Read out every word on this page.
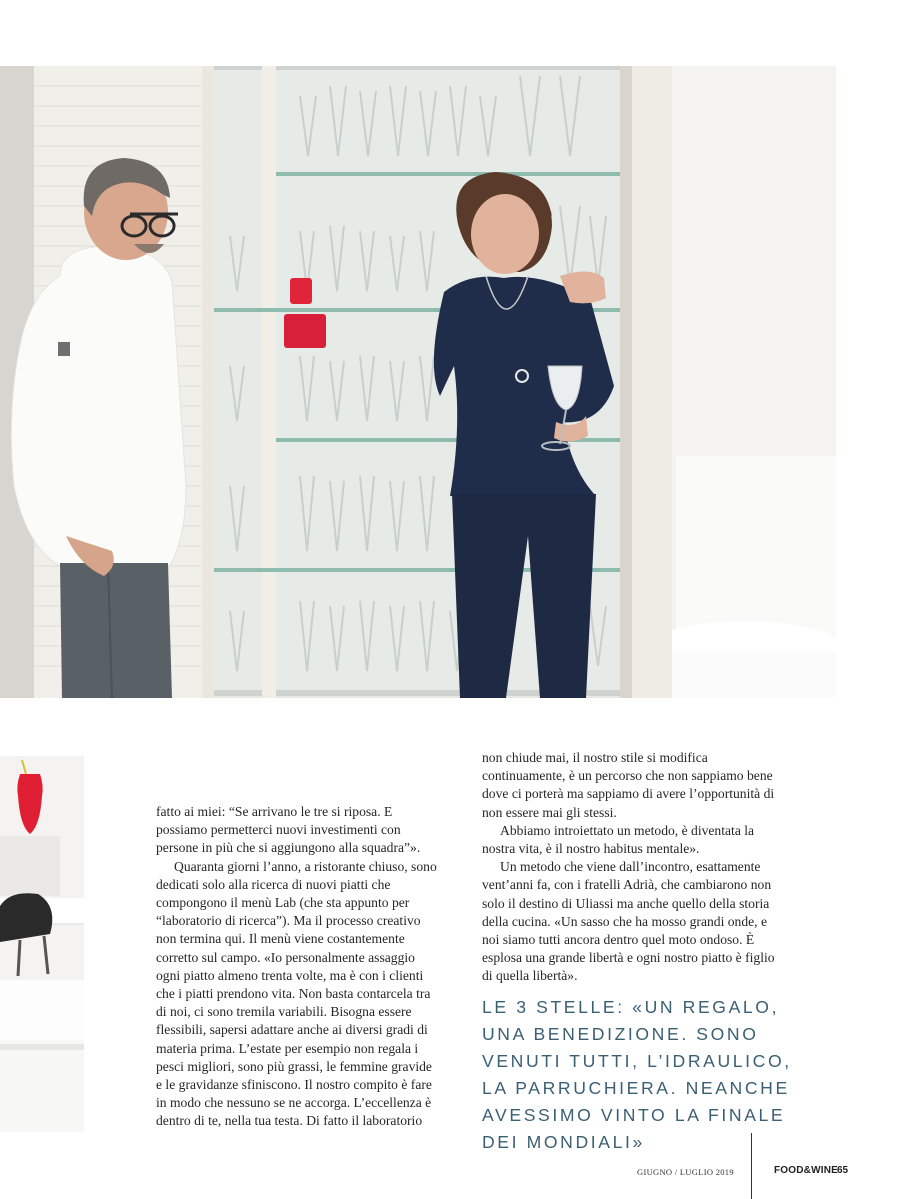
fatto ai miei: “Se arrivano le tre si riposa. E possiamo permetterci nuovi investimenti con persone in più che si aggiungono alla squadra”».

Quaranta giorni l’anno, a ristorante chiuso, sono dedicati solo alla ricerca di nuovi piatti che compongono il menù Lab (che sta appunto per “laboratorio di ricerca”). Ma il processo creativo non termina qui. Il menù viene costantemente corretto sul campo. «Io personalmente assaggio ogni piatto almeno trenta volte, ma è con i clienti che i piatti prendono vita. Non basta contarcela tra di noi, ci sono tremila variabili. Bisogna essere flessibili, sapersi adattare anche ai diversi gradi di materia prima. L’estate per esempio non regala i pesci migliori, sono più grassi, le femmine gravide e le gravidanze sfiniscono. Il nostro compito è fare in modo che nessuno se ne accorga. L’eccellenza è dentro di te, nella tua testa. Di fatto il laboratorio

non chiude mai, il nostro stile si modifica continuamente, è un percorso che non sappiamo bene dove ci porterà ma sappiamo di avere l’opportunità di non essere mai gli stessi.

Abbiamo introiettato un metodo, è diventata la nostra vita, è il nostro habitus mentale».

Un metodo che viene dall’incontro, esattamente vent’anni fa, con i fratelli Adrià, che cambiarono non solo il destino di Uliassi ma anche quello della storia della cucina. «Un sasso che ha mosso grandi onde, e noi siamo tutti ancora dentro quel moto ondoso. È esplosa una grande libertà e ogni nostro piatto è figlio di quella libertà».

LE 3 STELLE: «UN REGALO, UNA BENEDIZIONE. SONO VENUTI TUTTI, L’IDRAULICO, LA PARRUCHIERA. NEANCHE AVESSIMO VINTO LA FINALE DEI MONDIALI»
GIUGNO / LUGLIO 2019	FOOD&WINE
65
